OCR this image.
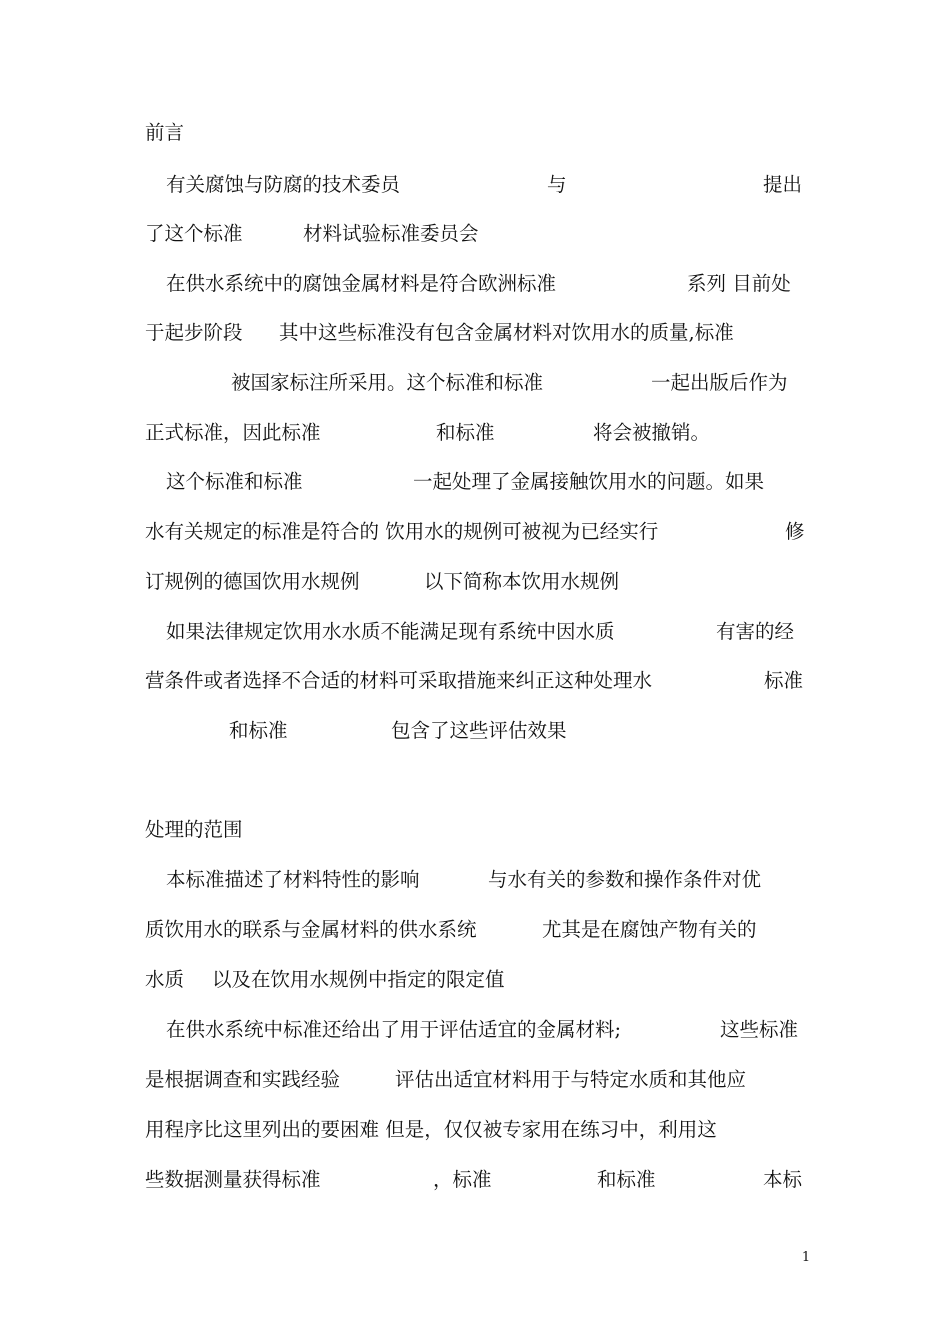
前言
有关腐蚀与防腐的技术委员	与	提出
了这个标准	材料试验标准委员会
在供水系统中的腐蚀金属材料是符合欧洲标准	系列 目前处
于起步阶段 其中这些标准没有包含金属材料对饮用水的质量,标准
被国家标注所采用。这个标准和标准	一起出版后作为
正式标准，因此标准	和标准	将会被撤销。
这个标准和标准	一起处理了金属接触饮用水的问题。如果
水有关规定的标准是符合的 饮用水的规例可被视为已经实行	修
订规例的德国饮用水规例	以下简称本饮用水规例
如果法律规定饮用水水质不能满足现有系统中因水质	有害的经
营条件或者选择不合适的材料可采取措施来纠正这种处理水	标准
和标准	包含了这些评估效果
处理的范围
本标准描述了材料特性的影响	与水有关的参数和操作条件对优
质饮用水的联系与金属材料的供水系统	尤其是在腐蚀产物有关的
水质 以及在饮用水规例中指定的限定值
在供水系统中标准还给出了用于评估适宜的金属材料;	这些标准
是根据调查和实践经验	评估出适宜材料用于与特定水质和其他应
用程序比这里列出的要困难 但是，仅仅被专家用在练习中，利用这
些数据测量获得标准	，标准	和标准	本标
1
